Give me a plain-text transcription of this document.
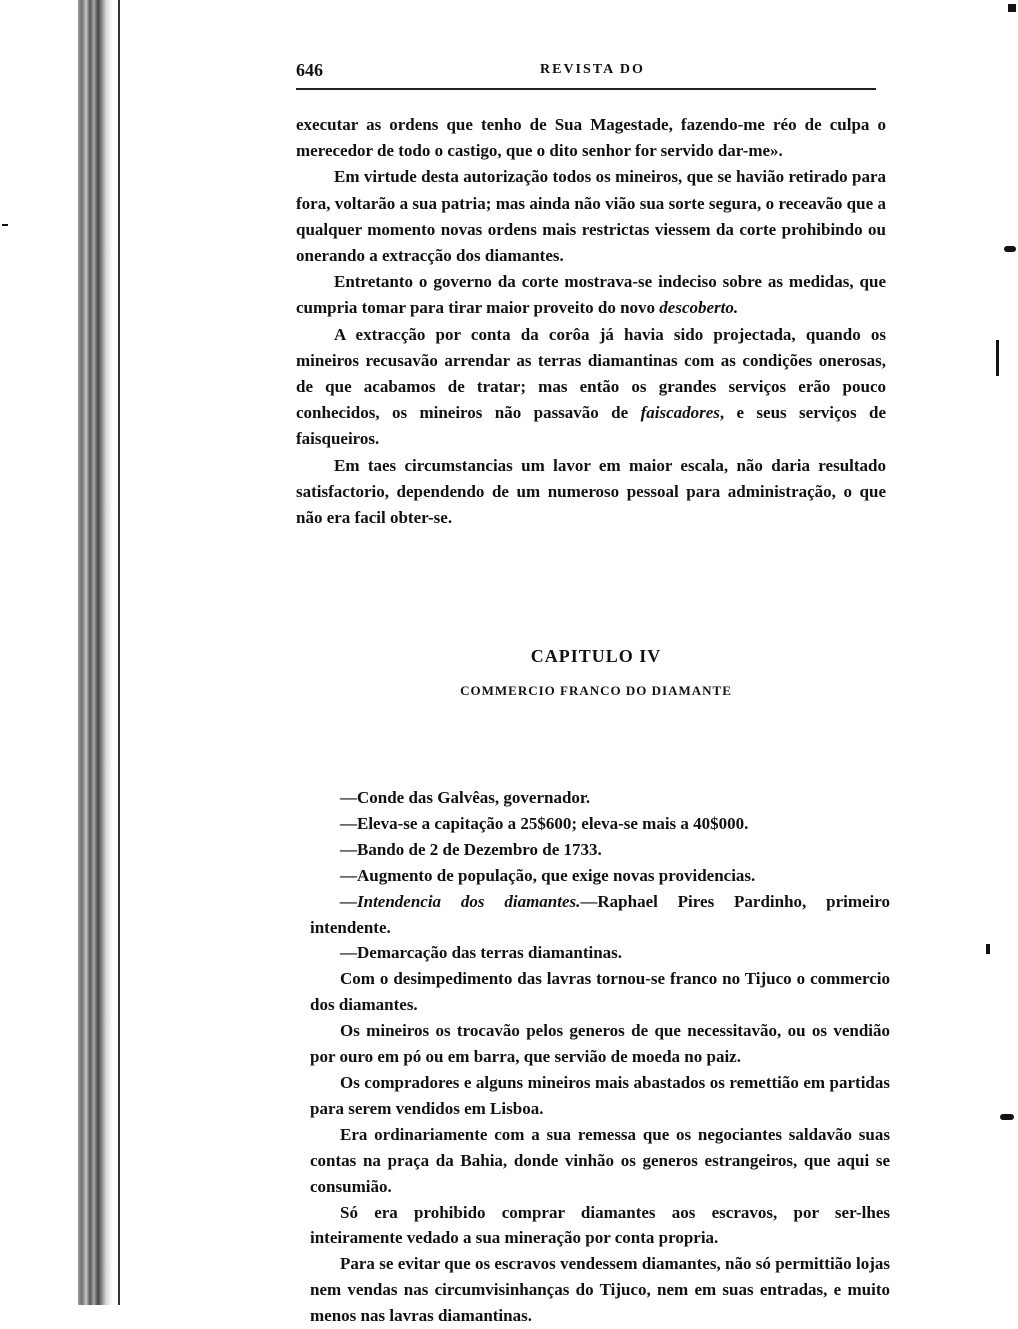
646	REVISTA DO

executar as ordens que tenho de Sua Magestade, fazendo-me réo de culpa o merecedor de todo o castigo, que o dito senhor for servido dar-me».

Em virtude desta autorização todos os mineiros, que se havião retirado para fora, voltarão a sua patria; mas ainda não vião sua sorte segura, o receavão que a qualquer momento novas ordens mais restrictas viessem da corte prohibindo ou onerando a extracção dos diamantes.

Entretanto o governo da corte mostrava-se indeciso sobre as medidas, que cumpria tomar para tirar maior proveito do novo descoberto.

A extracção por conta da corôa já havia sido projectada, quando os mineiros recusavão arrendar as terras diamantinas com as condições onerosas, de que acabamos de tratar; mas então os grandes serviços erão pouco conhecidos, os mineiros não passavão de faiscadores, e seus serviços de faisqueiros.

Em taes circumstancias um lavor em maior escala, não daria resultado satisfactorio, dependendo de um numeroso pessoal para administração, o que não era facil obter-se.

CAPITULO IV
COMMERCIO FRANCO DO DIAMANTE

—Conde das Galvêas, governador.

—Eleva-se a capitação a 25$600; eleva-se mais a 40$000.

—Bando de 2 de Dezembro de 1733.

—Augmento de população, que exige novas providencias.

—Intendencia dos diamantes.—Raphael Pires Pardinho, primeiro intendente.

—Demarcação das terras diamantinas.

Com o desimpedimento das lavras tornou-se franco no Tijuco o commercio dos diamantes.

Os mineiros os trocavão pelos generos de que necessitavão, ou os vendião por ouro em pó ou em barra, que servião de moeda no paiz.

Os compradores e alguns mineiros mais abastados os remettião em partidas para serem vendidos em Lisboa.

Era ordinariamente com a sua remessa que os negociantes saldavão suas contas na praça da Bahia, donde vinhão os generos estrangeiros, que aqui se consumião.

Só era prohibido comprar diamantes aos escravos, por ser-lhes inteiramente vedado a sua mineração por conta propria.

Para se evitar que os escravos vendessem diamantes, não só permittião lojas nem vendas nas circumvisinhanças do Tijuco, nem em suas entradas, e muito menos nas lavras diamantinas.
